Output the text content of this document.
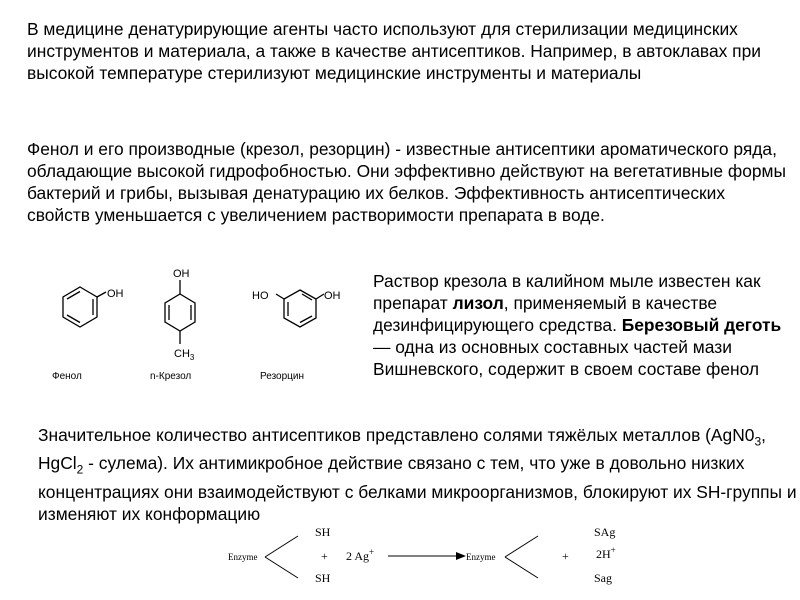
В медицине денатурирующие агенты часто используют для стерилизации медицинских инструментов и материала, а также в качестве антисептиков. Например, в автоклавах при высокой температуре стерилизуют медицинские инструменты и материалы

Фенол и его производные (крезол, резорцин) - известные антисептики ароматического ряда, обладающие высокой гидрофобностью. Они эффективно действуют на вегетативные формы бактерий и грибы, вызывая денатурацию их белков. Эффективность антисептических свойств уменьшается с увеличением растворимости препарата в воде.

OH
Фенол
OH
$CH_3$
n-Крезол
HO	OH
Резорцин

Раствор крезола в калийном мыле известен как препарат лизол, применяемый в качестве дезинфицирующего средства. Березовый деготь — одна из основных составных частей мази Вишневского, содержит в своем составе фенол

Значительное количество антисептиков представлено солями тяжёлых металлов ($AgN0_3$, HgCl$_2$ - сулема). Их антимикробное действие связано с тем, что уже в довольно низких концентрациях они взаимодействуют с белками микроорганизмов, блокируют их SH-группы и изменяют их конформацию

Enzyme
SH
+
SH
2 Ag+	Enzyme	+
SAg
2H+
Sag
